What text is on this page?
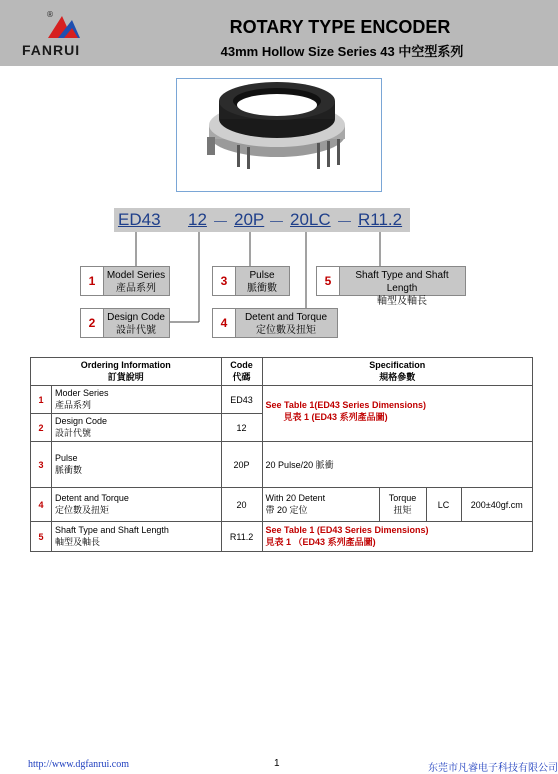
®
FANRUI
ROTARY TYPE ENCODER
43mm Hollow Size Series 43 中空型系列
ED43 12 － 20P － 20LC － R11.2
1	Model Series
產品系列
2	Design Code
設計代號
3	Pulse
脈衝數
4	Detent and Torque
定位數及扭矩
5	Shaft Type and Shaft Length
軸型及軸長
Ordering Information
訂貨說明		Code
代碼	Specification
規格參數			
1	Moder Series
產品系列	ED43	See Table 1(ED43 Series Dimensions)
見表 1 (ED43 系列產品圖)			
2	Design Code
設計代號	12				
3	Pulse
脈衝數	20P	20 Pulse/20 脈衝			
4	Detent and Torque
定位數及扭矩	20	With 20 Detent
帶 20 定位	Torque
扭矩	LC	200±40gf.cm
5	Shaft Type and Shaft Length
軸型及軸長	R11.2	See Table 1 (ED43 Series Dimensions)
見表 1 （ED43 系列產品圖)			
http://www.dgfanrui.com	1	东莞市凡睿电子科技有限公司
